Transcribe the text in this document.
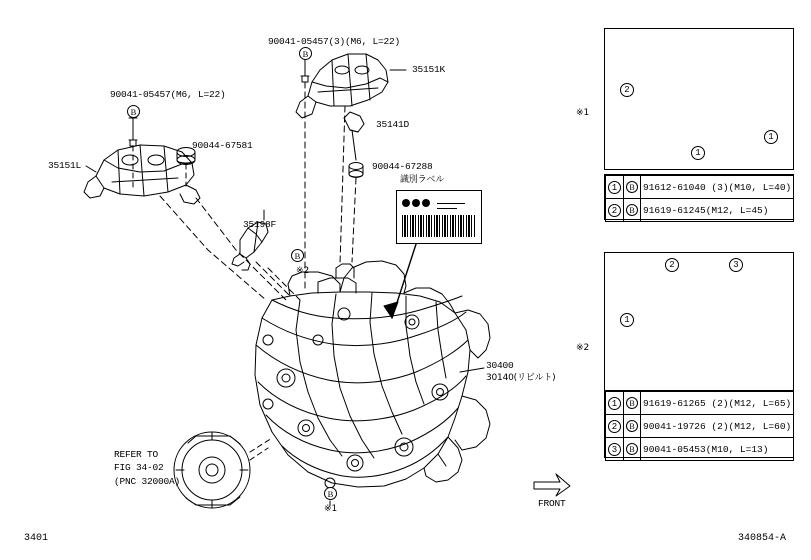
90041-05457(3)(M6, L=22)
35151K
90041-05457(M6, L=22)
35141D
90044-67581
90044-67288
35151L
35198F
識別ラベル
30400
30140(リビルト)
REFER TO
FIG 34-02
(PNC 32000A)
FRONT
B
B
B
B
※2
※1
2
1
1
※1
1	B	91612-61040 (3)(M10, L=40)
2	B	91619-61245(M12, L=45)
2	3
1
※2
1	B	91619-61265 (2)(M12, L=65)
2	B	90041-19726 (2)(M12, L=60)
3	B	90041-05453(M10, L=13)
3401	340854-A
